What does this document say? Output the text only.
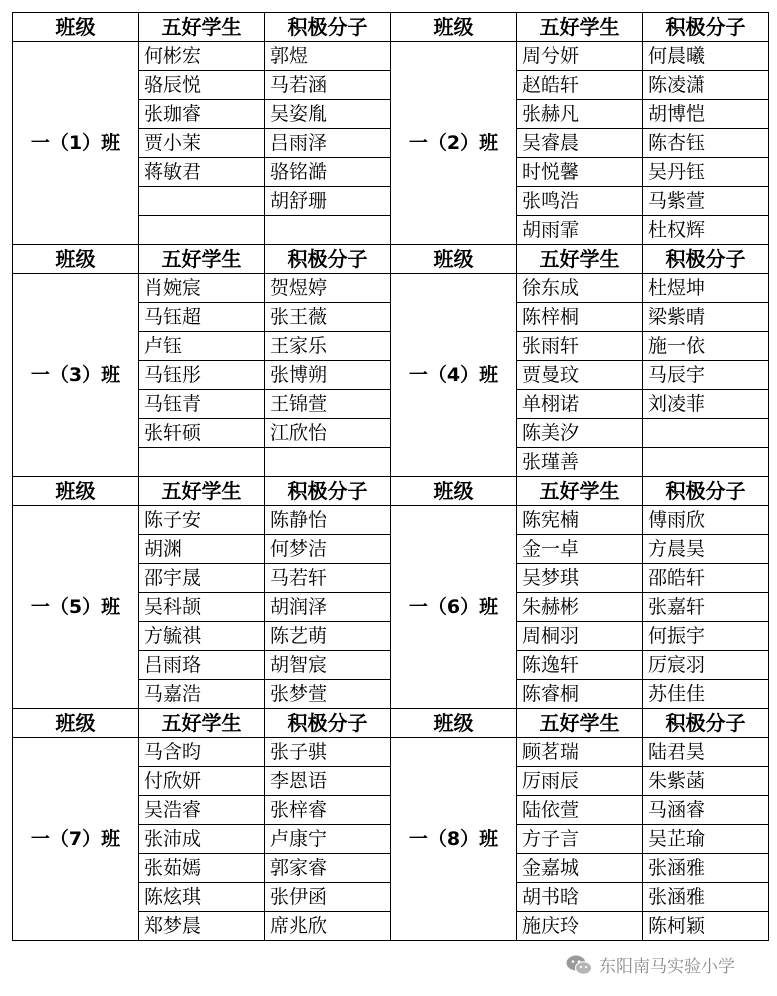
班级	五好学生	积极分子	班级	五好学生	积极分子
一（1）班	何彬宏	郭煜	一（2）班	周兮妍	何晨曦
	骆辰悦	马若涵		赵皓轩	陈凌潇
	张珈睿	吴姿胤		张赫凡	胡博恺
	贾小茉	吕雨泽		吴睿晨	陈杏钰
	蒋敏君	骆铭澔		时悦馨	吴丹钰
		胡舒珊		张鸣浩	马紫萱
				胡雨霏	杜权辉
班级	五好学生	积极分子	班级	五好学生	积极分子
一（3）班	肖婉宸	贺煜婷	一（4）班	徐东成	杜煜坤
	马钰超	张王薇		陈梓桐	梁紫晴
	卢钰	王家乐		张雨轩	施一依
	马钰彤	张博朔		贾曼玟	马辰宇
	马钰青	王锦萱		单栩诺	刘凌菲
	张轩硕	江欣怡		陈美汐	
				张瑾善	
班级	五好学生	积极分子	班级	五好学生	积极分子
一（5）班	陈子安	陈静怡	一（6）班	陈宪楠	傅雨欣
	胡渊	何梦洁		金一卓	方晨昊
	邵宇晟	马若轩		吴梦琪	邵皓轩
	吴科颉	胡润泽		朱赫彬	张嘉轩
	方毓祺	陈艺萌		周桐羽	何振宇
	吕雨珞	胡智宸		陈逸轩	厉宸羽
	马嘉浩	张梦萱		陈睿桐	苏佳佳
班级	五好学生	积极分子	班级	五好学生	积极分子
一（7）班	马含昀	张子骐	一（8）班	顾茗瑞	陆君昊
	付欣妍	李恩语		厉雨辰	朱紫菡
	吴浩睿	张梓睿		陆依萱	马涵睿
	张沛成	卢康宁		方子言	吴芷瑜
	张茹嫣	郭家睿		金嘉城	张涵雅
	陈炫琪	张伊函		胡书晗	张涵雅
	郑梦晨	席兆欣		施庆玲	陈柯颖
东阳南马实验小学
